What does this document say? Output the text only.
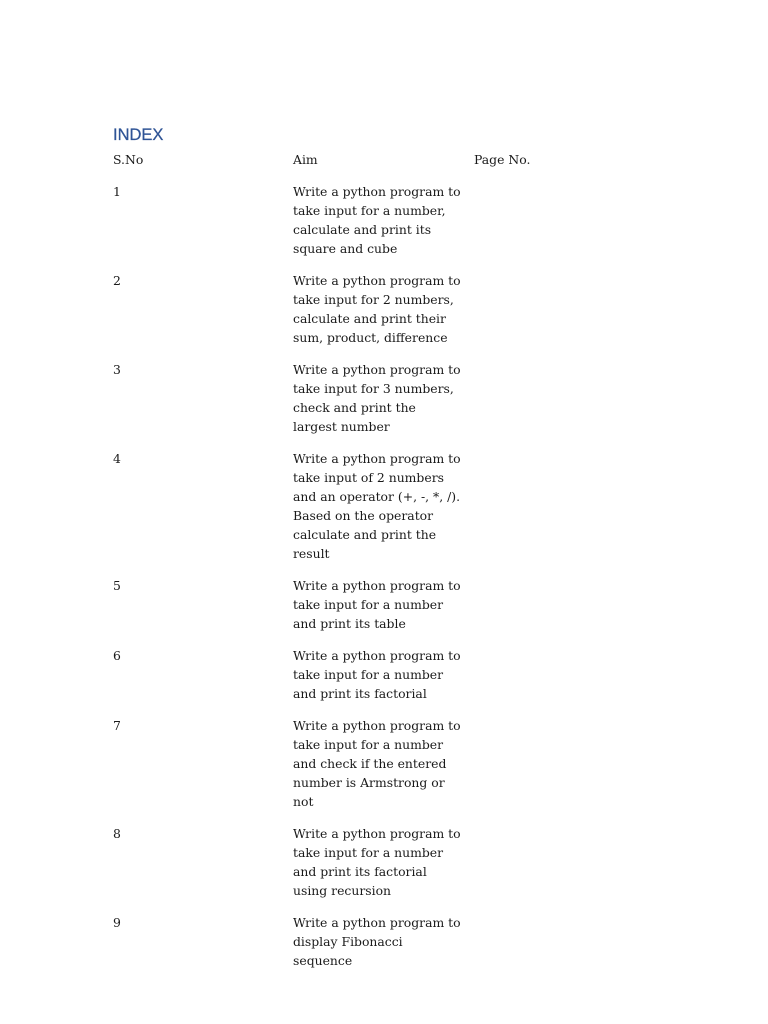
INDEX
S.No	Aim	Page No.
1	Write a python program to take input for a number, calculate and print its square and cube
2	Write a python program to take input for 2 numbers, calculate and print their sum, product, difference
3	Write a python program to take input for 3 numbers, check and print the largest number
4	Write a python program to take input of 2 numbers and an operator (+, -, *, /). Based on the operator calculate and print the result
5	Write a python program to take input for a number and print its table
6	Write a python program to take input for a number and print its factorial
7	Write a python program to take input for a number and check if the entered number is Armstrong or not
8	Write a python program to take input for a number and print its factorial using recursion
9	Write a python program to display Fibonacci sequence
